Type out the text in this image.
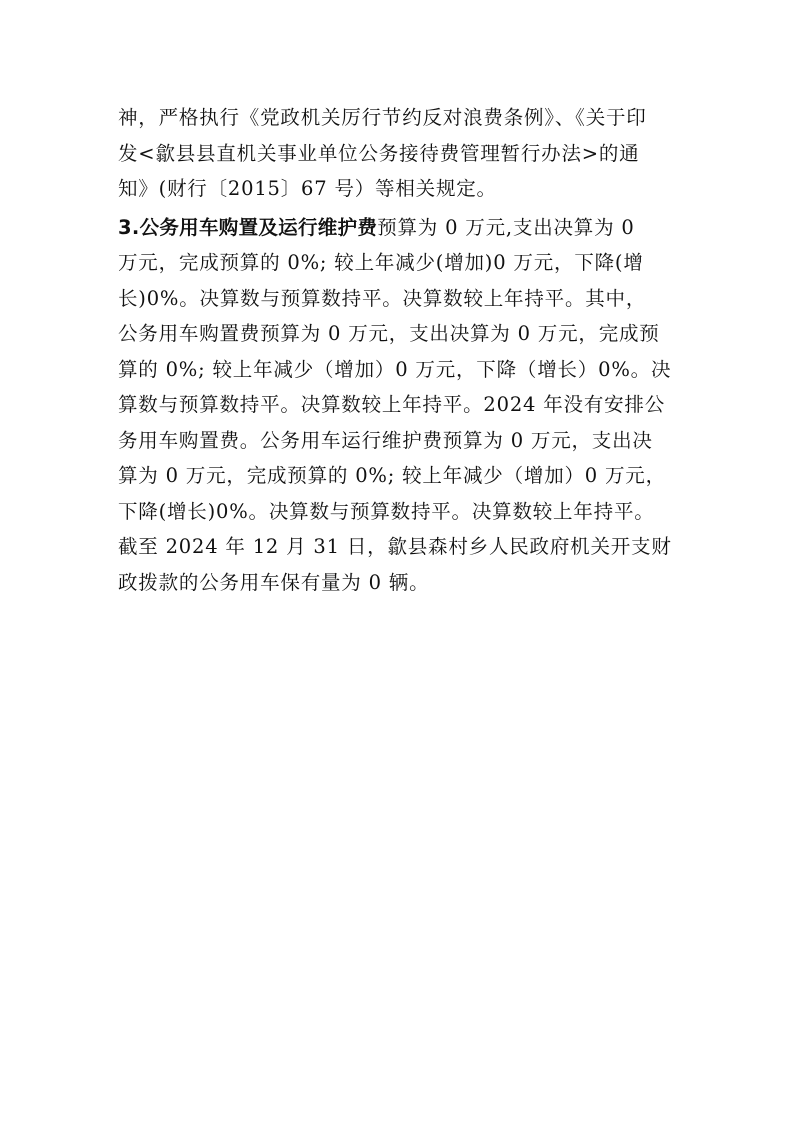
神，严格执行《党政机关厉行节约反对浪费条例》、《关于印
发<歙县县直机关事业单位公务接待费管理暂行办法>的通
知》(财行〔2015〕67 号）等相关规定。
3.公务用车购置及运行维护费预算为 0 万元,支出决算为 0
万元，完成预算的 0%; 较上年减少(增加)0 万元，下降(增
长)0%。决算数与预算数持平。决算数较上年持平。其中，
公务用车购置费预算为 0 万元，支出决算为 0 万元，完成预
算的 0%; 较上年减少（增加）0 万元，下降（增长）0%。决
算数与预算数持平。决算数较上年持平。2024 年没有安排公
务用车购置费。公务用车运行维护费预算为 0 万元，支出决
算为 0 万元，完成预算的 0%; 较上年减少（增加）0 万元，
下降(增长)0%。决算数与预算数持平。决算数较上年持平。
截至 2024 年 12 月 31 日，歙县森村乡人民政府机关开支财
政拨款的公务用车保有量为 0 辆。
